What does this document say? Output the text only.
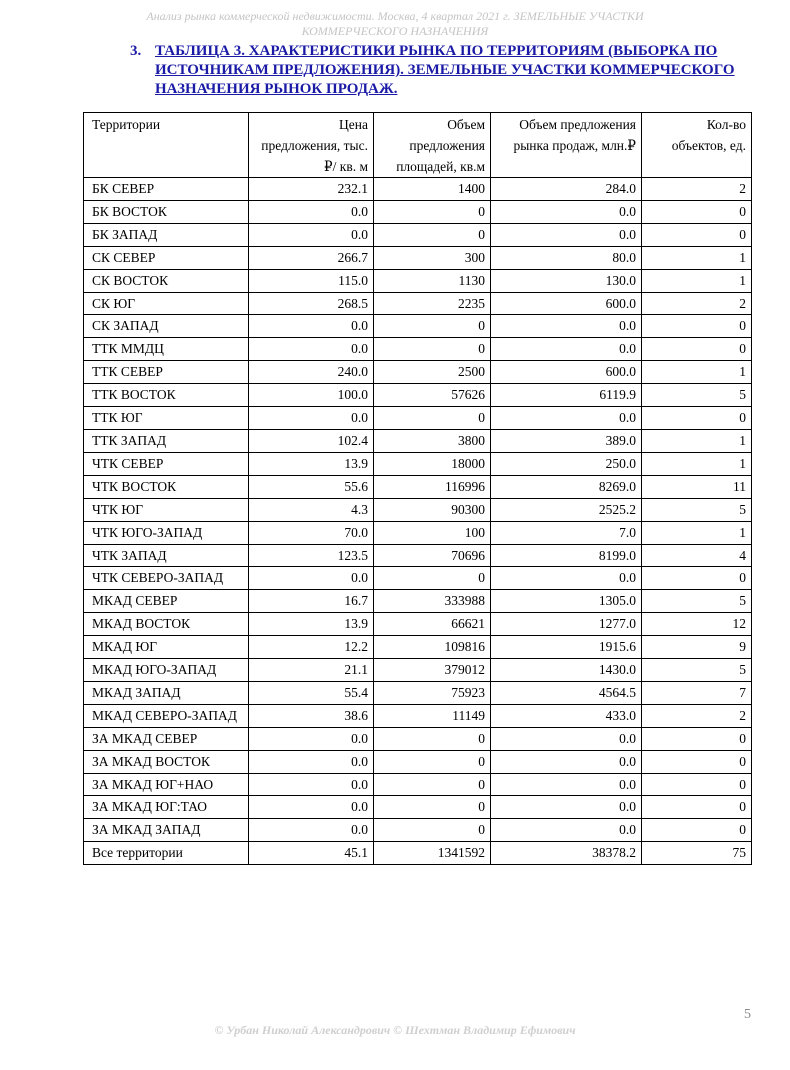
Анализ рынка коммерческой недвижимости. Москва, 4 квартал 2021 г. ЗЕМЕЛЬНЫЕ УЧАСТКИ
КОММЕРЧЕСКОГО НАЗНАЧЕНИЯ
3. ТАБЛИЦА 3. ХАРАКТЕРИСТИКИ РЫНКА ПО ТЕРРИТОРИЯМ (ВЫБОРКА ПО ИСТОЧНИКАМ ПРЕДЛОЖЕНИЯ). ЗЕМЕЛЬНЫЕ УЧАСТКИ КОММЕРЧЕСКОГО НАЗНАЧЕНИЯ РЫНОК ПРОДАЖ.
Территории	Цена предложения, тыс.₽/ кв. м	Объем предложения площадей, кв.м	Объем предложения рынка продаж, млн.₽	Кол-во объектов, ед.
БК СЕВЕР	232.1	1400	284.0	2
БК ВОСТОК	0.0	0	0.0	0
БК ЗАПАД	0.0	0	0.0	0
СК СЕВЕР	266.7	300	80.0	1
СК ВОСТОК	115.0	1130	130.0	1
СК ЮГ	268.5	2235	600.0	2
СК ЗАПАД	0.0	0	0.0	0
ТТК ММДЦ	0.0	0	0.0	0
ТТК СЕВЕР	240.0	2500	600.0	1
ТТК ВОСТОК	100.0	57626	6119.9	5
ТТК ЮГ	0.0	0	0.0	0
ТТК ЗАПАД	102.4	3800	389.0	1
ЧТК СЕВЕР	13.9	18000	250.0	1
ЧТК ВОСТОК	55.6	116996	8269.0	11
ЧТК ЮГ	4.3	90300	2525.2	5
ЧТК ЮГО-ЗАПАД	70.0	100	7.0	1
ЧТК ЗАПАД	123.5	70696	8199.0	4
ЧТК СЕВЕРО-ЗАПАД	0.0	0	0.0	0
МКАД СЕВЕР	16.7	333988	1305.0	5
МКАД ВОСТОК	13.9	66621	1277.0	12
МКАД ЮГ	12.2	109816	1915.6	9
МКАД ЮГО-ЗАПАД	21.1	379012	1430.0	5
МКАД ЗАПАД	55.4	75923	4564.5	7
МКАД СЕВЕРО-ЗАПАД	38.6	11149	433.0	2
ЗА МКАД СЕВЕР	0.0	0	0.0	0
ЗА МКАД ВОСТОК	0.0	0	0.0	0
ЗА МКАД ЮГ+НАО	0.0	0	0.0	0
ЗА МКАД ЮГ:ТАО	0.0	0	0.0	0
ЗА МКАД ЗАПАД	0.0	0	0.0	0
Все территории	45.1	1341592	38378.2	75
5
© Урбан Николай Александрович © Шехтман Владимир Ефимович
